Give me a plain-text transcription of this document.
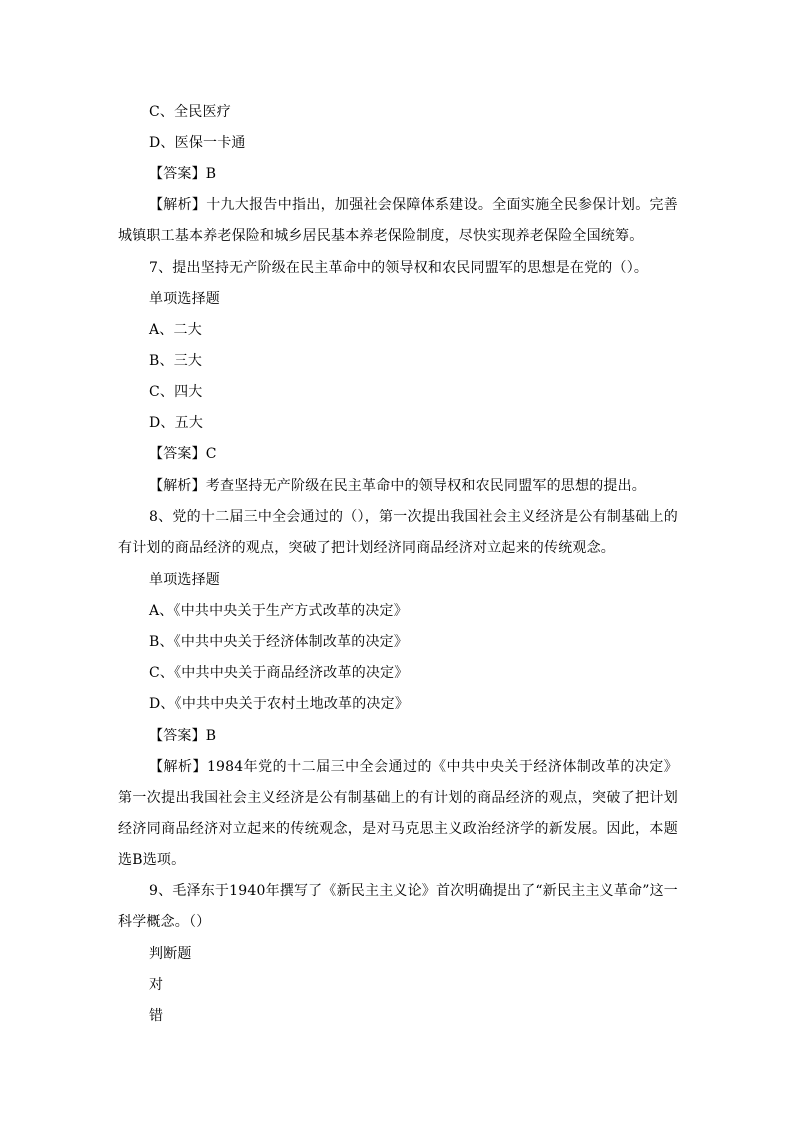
C、全民医疗
D、医保一卡通
【答案】B
【解析】十九大报告中指出，加强社会保障体系建设。全面实施全民参保计划。完善城镇职工基本养老保险和城乡居民基本养老保险制度，尽快实现养老保险全国统筹。
7、提出坚持无产阶级在民主革命中的领导权和农民同盟军的思想是在党的（）。
单项选择题
A、二大
B、三大
C、四大
D、五大
【答案】C
【解析】考查坚持无产阶级在民主革命中的领导权和农民同盟军的思想的提出。
8、党的十二届三中全会通过的（），第一次提出我国社会主义经济是公有制基础上的有计划的商品经济的观点，突破了把计划经济同商品经济对立起来的传统观念。
单项选择题
A、《中共中央关于生产方式改革的决定》
B、《中共中央关于经济体制改革的决定》
C、《中共中央关于商品经济改革的决定》
D、《中共中央关于农村土地改革的决定》
【答案】B
【解析】1984年党的十二届三中全会通过的《中共中央关于经济体制改革的决定》第一次提出我国社会主义经济是公有制基础上的有计划的商品经济的观点，突破了把计划经济同商品经济对立起来的传统观念，是对马克思主义政治经济学的新发展。因此，本题选B选项。
9、毛泽东于1940年撰写了《新民主主义论》首次明确提出了“新民主主义革命”这一科学概念。（）
判断题
对
错
